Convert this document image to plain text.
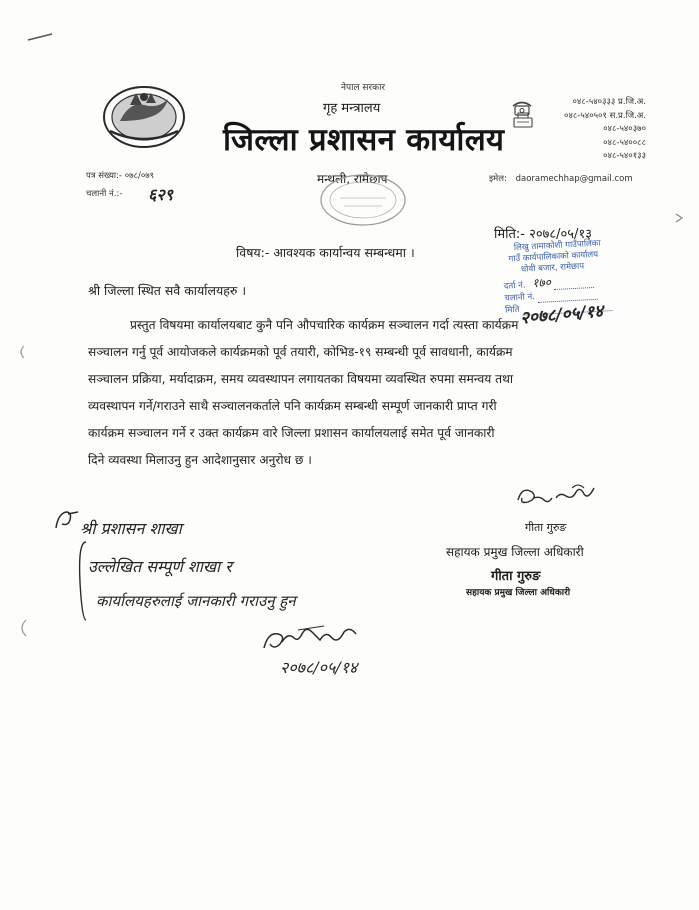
नेपाल सरकार
गृह मन्त्रालय
जिल्ला प्रशासन कार्यालय
मन्थली, रामेछाप
पत्र संख्या:- ०७८/०७९
चलानी नं.:- ६२९
०४८-५४०३३३ प्र.जि.अ.
०४८-५४०५०१ स.प्र.जि.अ.
०४८-५४०३७०
०४८-५४००८८
०४८-५४०१३३
इमेल: daoramechhap@gmail.com
मिति:- २०७८/०५/१३
विषय:- आवश्यक कार्यान्वय सम्बन्धमा ।
श्री जिल्ला स्थित सवै कार्यालयहरु ।
लिखु तामाकोशी गाउँपालिका
गाउँ कार्यपालिकाको कार्यालय
धोवी बजार, रामेछाप
दर्ता नं. १७०
चलानी नं.
मिति २०७८/०५/१४
प्रस्तुत विषयमा कार्यालयबाट कुनै पनि औपचारिक कार्यक्रम सञ्चालन गर्दा त्यस्ता कार्यक्रम
सञ्चालन गर्नु पूर्व आयोजकले कार्यक्रमको पूर्व तयारी, कोभिड-१९ सम्बन्धी पूर्व सावधानी, कार्यक्रम
सञ्चालन प्रक्रिया, मर्यादाक्रम, समय व्यवस्थापन लगायतका विषयमा व्यवस्थित रुपमा समन्वय तथा
व्यवस्थापन गर्ने/गराउने साथै सञ्चालनकर्ताले पनि कार्यक्रम सम्बन्धी सम्पूर्ण जानकारी प्राप्त गरी
कार्यक्रम सञ्चालन गर्ने र उक्त कार्यक्रम वारे जिल्ला प्रशासन कार्यालयलाई समेत पूर्व जानकारी
दिने व्यवस्था मिलाउनु हुन आदेशानुसार अनुरोध छ ।
गीता गुरुङ
सहायक प्रमुख जिल्ला अधिकारी
गीता गुरुङ
सहायक प्रमुख जिल्ला अधिकारी
श्री प्रशासन शाखा
उल्लेखित सम्पूर्ण शाखा र
कार्यालयहरुलाई जानकारी गराउनु हुन
२०७८/०५/१४
